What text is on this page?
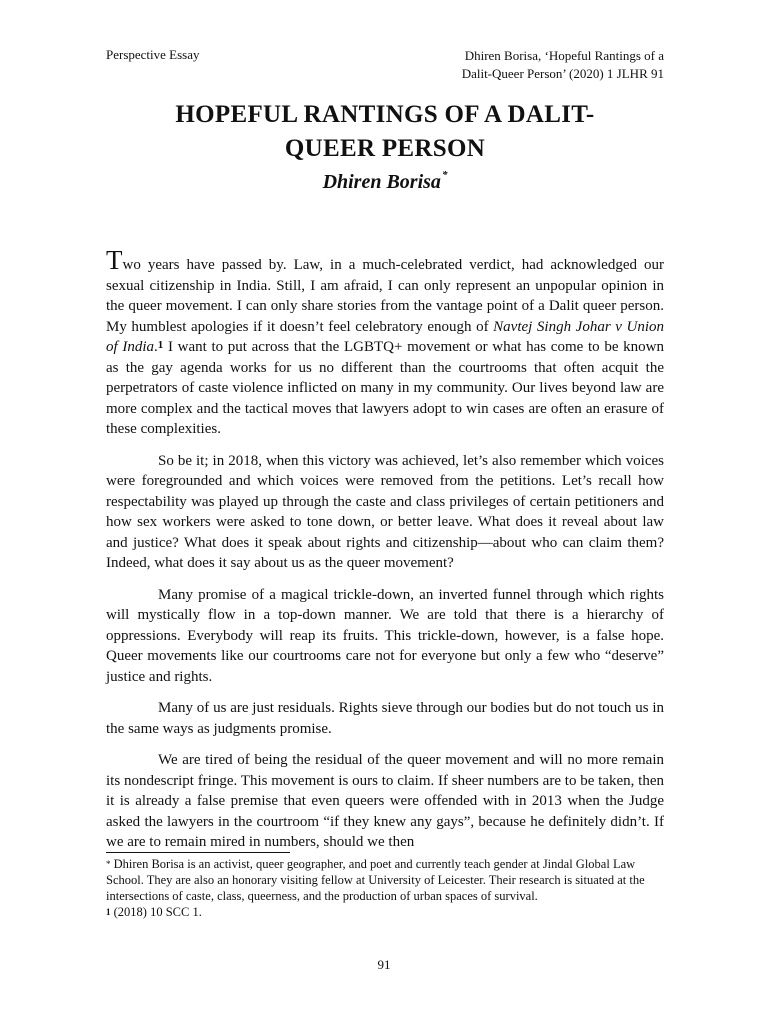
Perspective Essay	Dhiren Borisa, ‘Hopeful Rantings of a
Dalit-Queer Person’ (2020) 1 JLHR 91
HOPEFUL RANTINGS OF A DALIT-
QUEER PERSON
Dhiren Borisa*

Two years have passed by. Law, in a much-celebrated verdict, had acknowledged our sexual citizenship in India. Still, I am afraid, I can only represent an unpopular opinion in the queer movement. I can only share stories from the vantage point of a Dalit queer person. My humblest apologies if it doesn’t feel celebratory enough of Navtej Singh Johar v Union of India.$^1$ I want to put across that the LGBTQ+ movement or what has come to be known as the gay agenda works for us no different than the courtrooms that often acquit the perpetrators of caste violence inflicted on many in my community. Our lives beyond law are more complex and the tactical moves that lawyers adopt to win cases are often an erasure of these complexities.

So be it; in 2018, when this victory was achieved, let’s also remember which voices were foregrounded and which voices were removed from the petitions. Let’s recall how respectability was played up through the caste and class privileges of certain petitioners and how sex workers were asked to tone down, or better leave. What does it reveal about law and justice? What does it speak about rights and citizenship—about who can claim them? Indeed, what does it say about us as the queer movement?

Many promise of a magical trickle-down, an inverted funnel through which rights will mystically flow in a top-down manner. We are told that there is a hierarchy of oppressions. Everybody will reap its fruits. This trickle-down, however, is a false hope. Queer movements like our courtrooms care not for everyone but only a few who “deserve” justice and rights.

Many of us are just residuals. Rights sieve through our bodies but do not touch us in the same ways as judgments promise.

We are tired of being the residual of the queer movement and will no more remain its nondescript fringe. This movement is ours to claim. If sheer numbers are to be taken, then it is already a false premise that even queers were offended with in 2013 when the Judge asked the lawyers in the courtroom “if they knew any gays”, because he definitely didn’t. If we are to remain mired in numbers, should we then

* Dhiren Borisa is an activist, queer geographer, and poet and currently teach gender at Jindal Global Law School. They are also an honorary visiting fellow at University of Leicester. Their research is situated at the intersections of caste, class, queerness, and the production of urban spaces of survival.

$^1$ (2018) 10 SCC 1.

91
